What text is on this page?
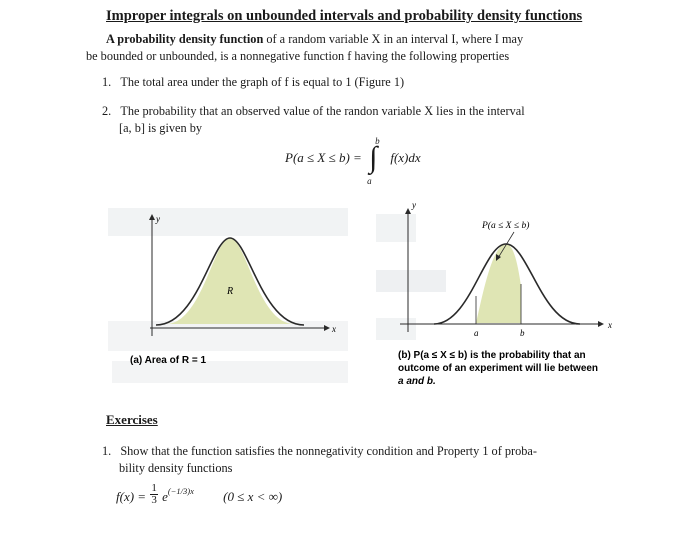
Improper integrals on unbounded intervals and probability density functions
A probability density function of a random variable X in an interval I, where I may
be bounded or unbounded, is a nonnegative function f having the following properties
1. The total area under the graph of f is equal to 1 (Figure 1)
2. The probability that an observed value of the randon variable X lies in the interval
[a, b] is given by
P(a ≤ X ≤ b) =
b
∫
a
f(x)dx
y
x
R
(a) Area of R = 1
y
x
P(a ≤ X ≤ b)
a	b
(b) P(a ≤ X ≤ b) is the probability that an
outcome of an experiment will lie between
a and b.
Exercises
1. Show that the function satisfies the nonnegativity condition and Property 1 of proba-
bility density functions
$f(x) = \frac{1}{3} e(-1/3)x$ (0 ≤ x < ∞)
